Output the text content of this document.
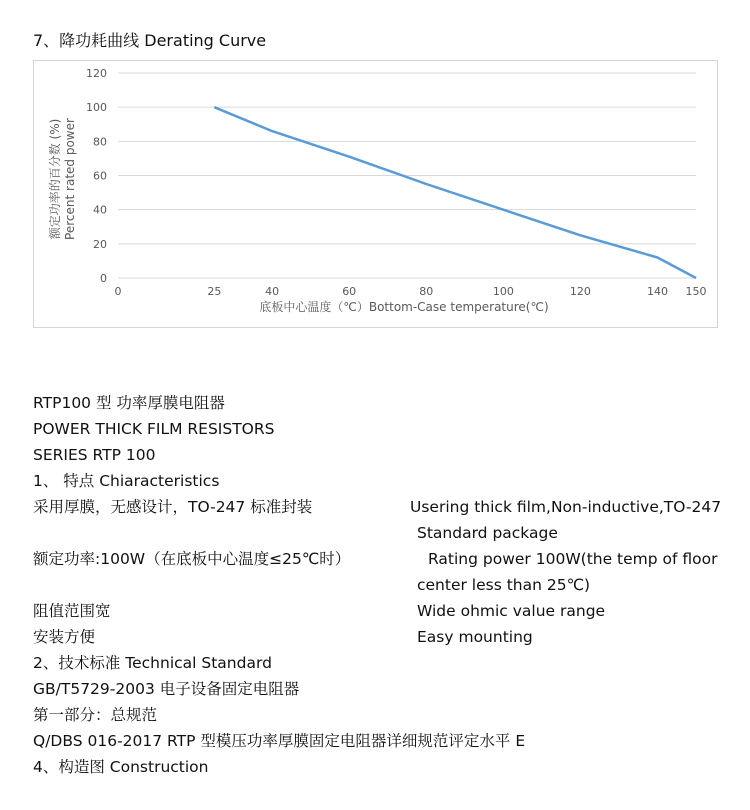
7、降功耗曲线 Derating Curve
0
20
40
60
80
100
120
0	25	40	60	80	100	120	140 150
底板中心温度（℃）Bottom-Case temperature(℃)
额定功率的百分数 (%) Percent rated power
RTP100 型 功率厚膜电阻器
POWER THICK FILM RESISTORS
SERIES RTP 100
1、 特点 Chiaracteristics
采用厚膜，无感设计，TO-247 标准封装	Usering thick film,Non-inductive,TO-247
Standard package
额定功率:100W（在底板中心温度≤25℃时）	Rating power 100W(the temp of floor
center less than 25℃)
阻值范围宽	Wide ohmic value range
安装方便	Easy mounting
2、技术标准 Technical Standard
GB/T5729-2003 电子设备固定电阻器
第一部分：总规范
Q/DBS 016-2017 RTP 型模压功率厚膜固定电阻器详细规范评定水平 E
4、构造图 Construction
